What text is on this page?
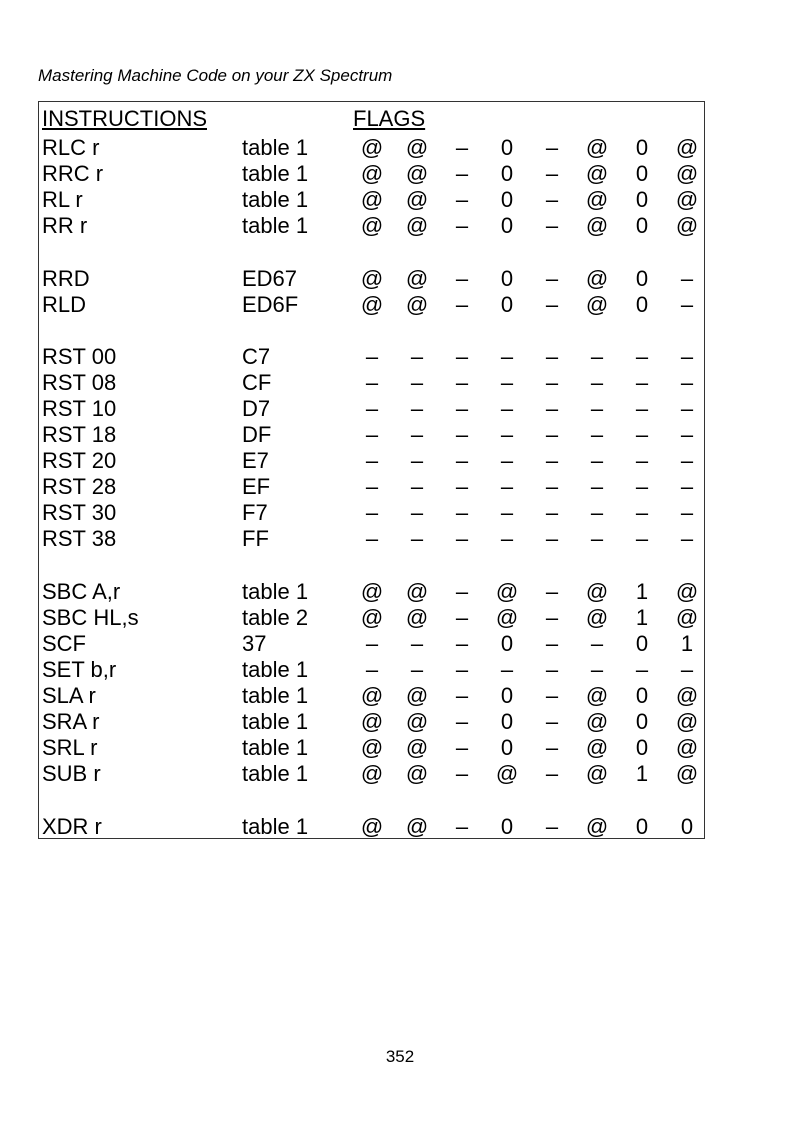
Mastering Machine Code on your ZX Spectrum
INSTRUCTIONS	FLAGS
RLC r	table 1	@	@	–	0	–	@	0	@
RRC r	table 1	@	@	–	0	–	@	0	@
RL r	table 1	@	@	–	0	–	@	0	@
RR r	table 1	@	@	–	0	–	@	0	@
RRD	ED67	@	@	–	0	–	@	0	–
RLD	ED6F	@	@	–	0	–	@	0	–
RST 00	C7	–	–	–	–	–	–	–	–
RST 08	CF	–	–	–	–	–	–	–	–
RST 10	D7	–	–	–	–	–	–	–	–
RST 18	DF	–	–	–	–	–	–	–	–
RST 20	E7	–	–	–	–	–	–	–	–
RST 28	EF	–	–	–	–	–	–	–	–
RST 30	F7	–	–	–	–	–	–	–	–
RST 38	FF	–	–	–	–	–	–	–	–
SBC A,r	table 1	@	@	–	@	–	@	1	@
SBC HL,s	table 2	@	@	–	@	–	@	1	@
SCF	37	–	–	–	0	–	–	0	1
SET b,r	table 1	–	–	–	–	–	–	–	–
SLA r	table 1	@	@	–	0	–	@	0	@
SRA r	table 1	@	@	–	0	–	@	0	@
SRL r	table 1	@	@	–	0	–	@	0	@
SUB r	table 1	@	@	–	@	–	@	1	@
XDR r	table 1	@	@	–	0	–	@	0	0
352
